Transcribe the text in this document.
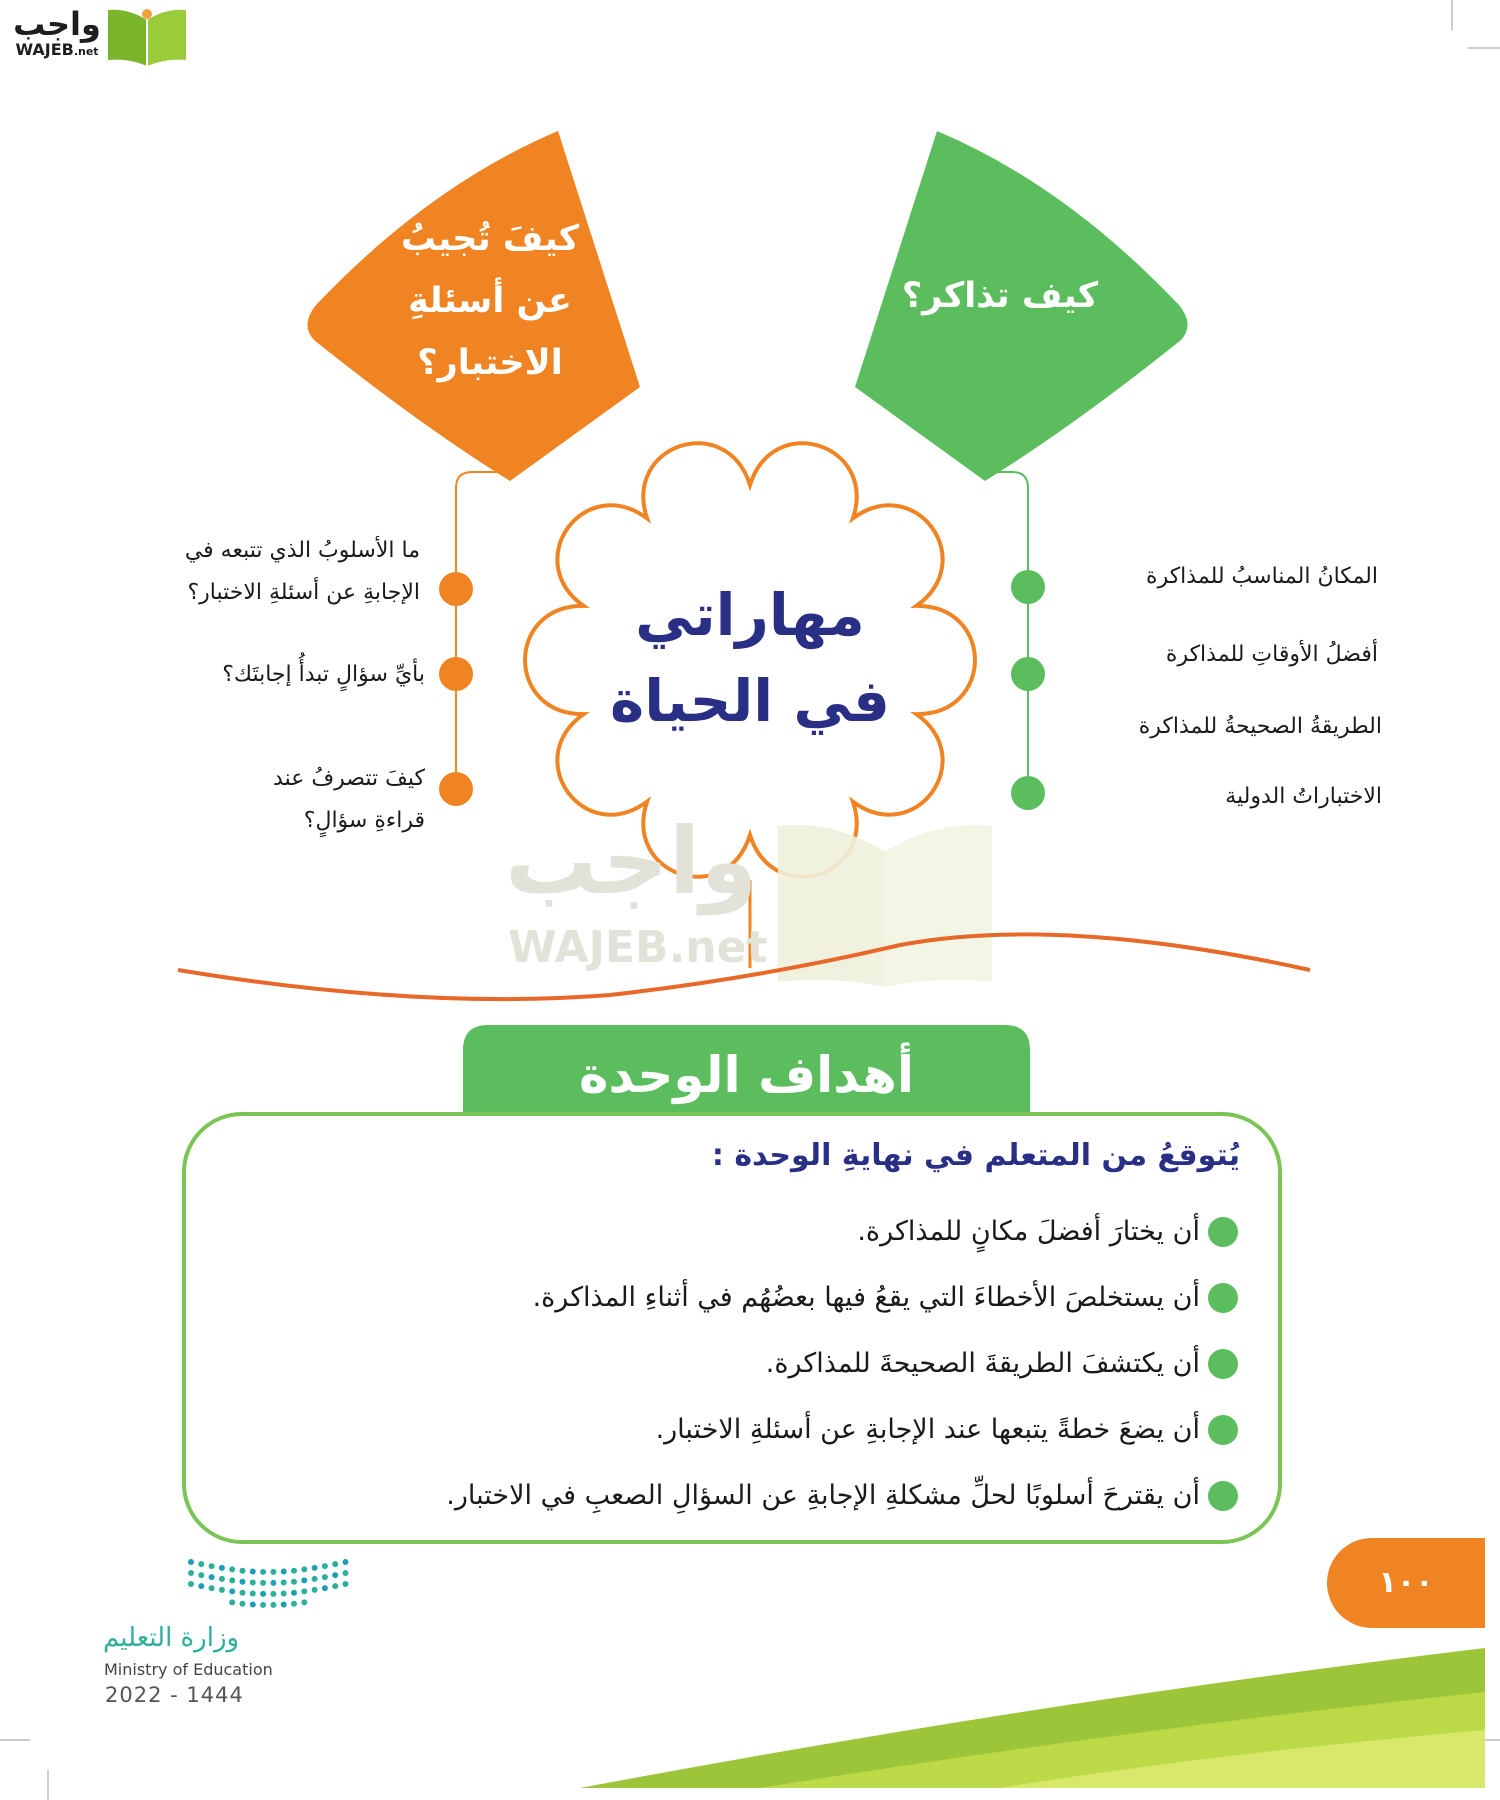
واجب
WAJEB.net
كيفَ تُجيبُ
عن أسئلةِ
الاختبار؟
كيف تذاكر؟
مهاراتي
في الحياة
ما الأسلوبُ الذي تتبعه في
الإجابةِ عن أسئلةِ الاختبار؟
بأيِّ سؤالٍ تبدأُ إجابتَك؟
كيفَ تتصرفُ عند
قراءةِ سؤالٍ؟
المكانُ المناسبُ للمذاكرة
أفضلُ الأوقاتِ للمذاكرة
الطريقةُ الصحيحةُ للمذاكرة
الاختباراتُ الدولية
واجب
WAJEB.net
أهداف الوحدة
يُتوقعُ من المتعلم في نهايةِ الوحدة :
أن يختارَ أفضلَ مكانٍ للمذاكرة.
أن يستخلصَ الأخطاءَ التي يقعُ فيها بعضُهُم في أثناءِ المذاكرة.
أن يكتشفَ الطريقةَ الصحيحةَ للمذاكرة.
أن يضعَ خطةً يتبعها عند الإجابةِ عن أسئلةِ الاختبار.
أن يقترحَ أسلوبًا لحلِّ مشكلةِ الإجابةِ عن السؤالِ الصعبِ في الاختبار.
١٠٠
وزارة التعليم
Ministry of Education
2022 - 1444
